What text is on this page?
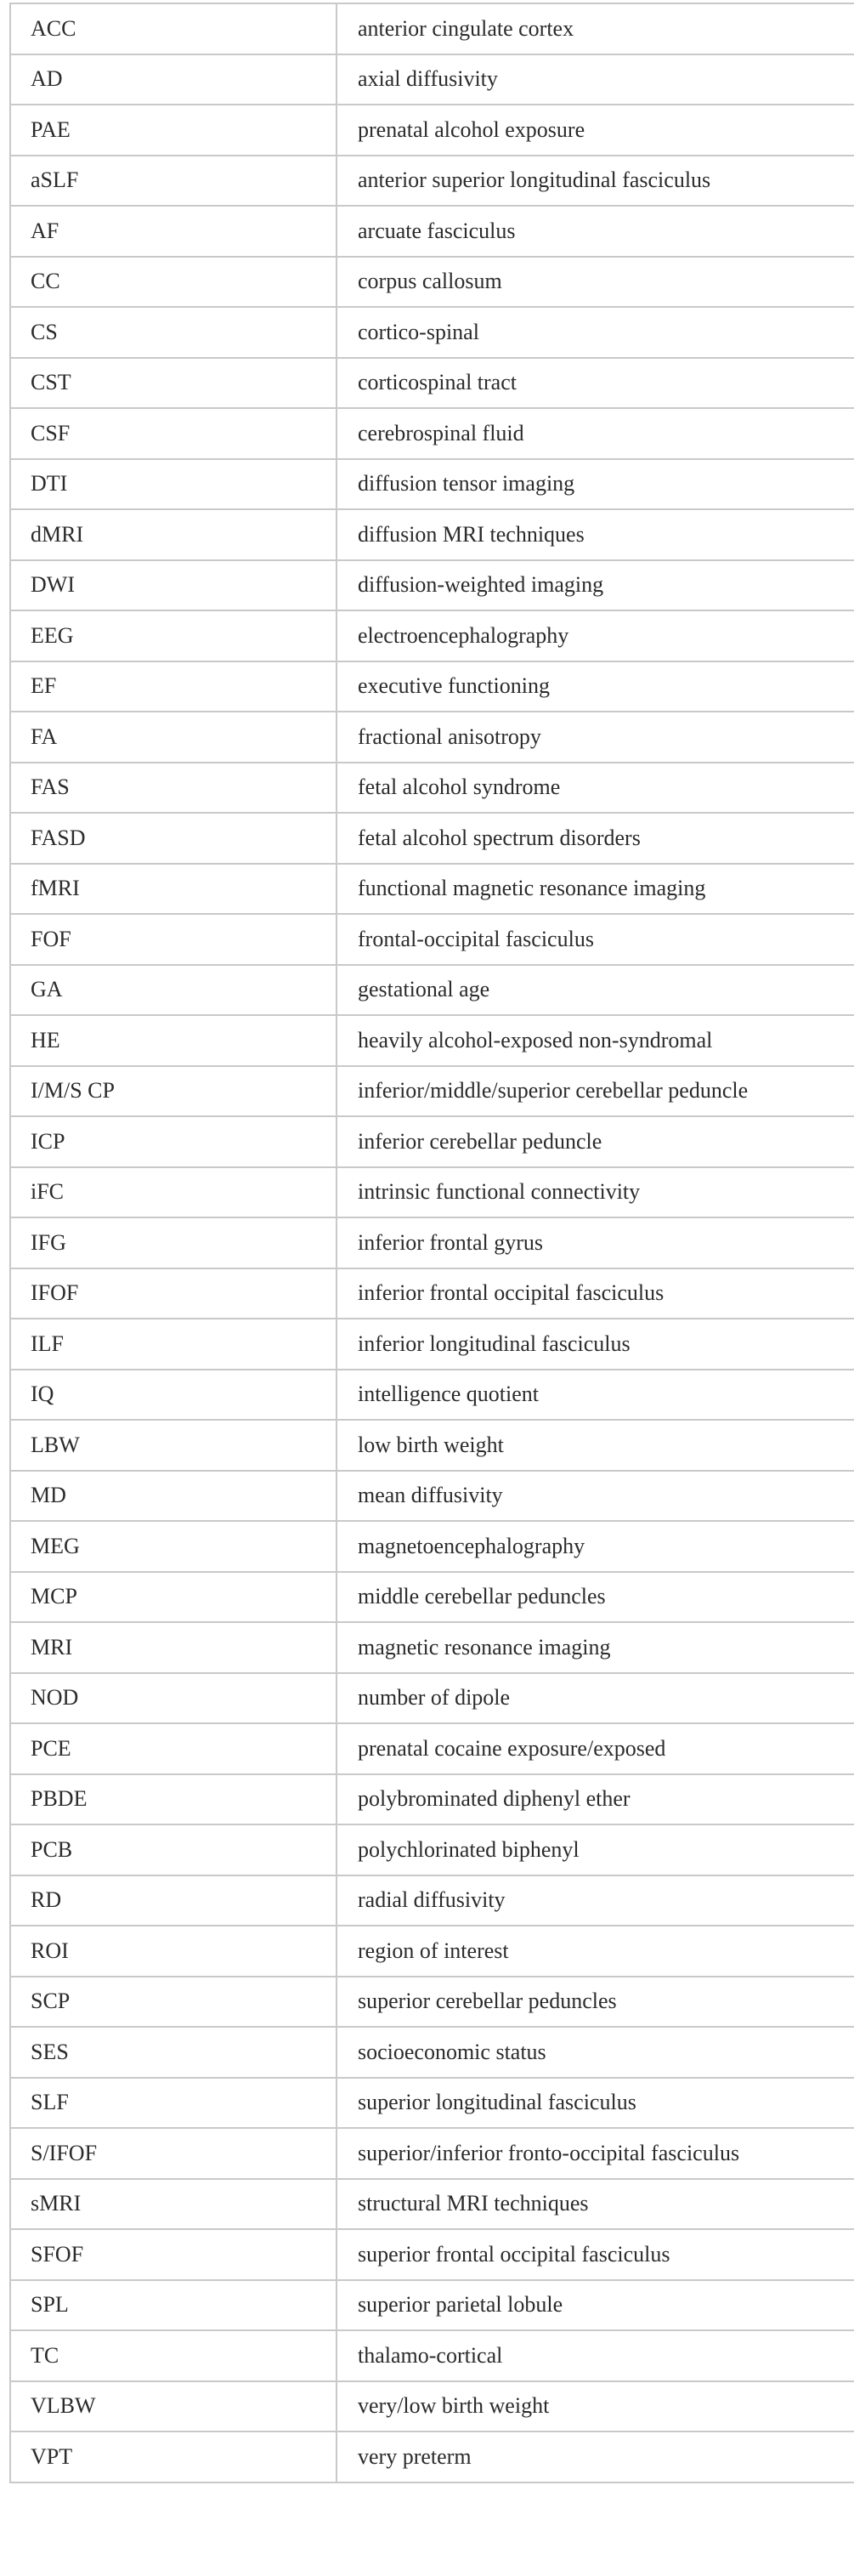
ACC	anterior cingulate cortex
AD	axial diffusivity
PAE	prenatal alcohol exposure
aSLF	anterior superior longitudinal fasciculus
AF	arcuate fasciculus
CC	corpus callosum
CS	cortico-spinal
CST	corticospinal tract
CSF	cerebrospinal fluid
DTI	diffusion tensor imaging
dMRI	diffusion MRI techniques
DWI	diffusion-weighted imaging
EEG	electroencephalography
EF	executive functioning
FA	fractional anisotropy
FAS	fetal alcohol syndrome
FASD	fetal alcohol spectrum disorders
fMRI	functional magnetic resonance imaging
FOF	frontal-occipital fasciculus
GA	gestational age
HE	heavily alcohol-exposed non-syndromal
I/M/S CP	inferior/middle/superior cerebellar peduncle
ICP	inferior cerebellar peduncle
iFC	intrinsic functional connectivity
IFG	inferior frontal gyrus
IFOF	inferior frontal occipital fasciculus
ILF	inferior longitudinal fasciculus
IQ	intelligence quotient
LBW	low birth weight
MD	mean diffusivity
MEG	magnetoencephalography
MCP	middle cerebellar peduncles
MRI	magnetic resonance imaging
NOD	number of dipole
PCE	prenatal cocaine exposure/exposed
PBDE	polybrominated diphenyl ether
PCB	polychlorinated biphenyl
RD	radial diffusivity
ROI	region of interest
SCP	superior cerebellar peduncles
SES	socioeconomic status
SLF	superior longitudinal fasciculus
S/IFOF	superior/inferior fronto-occipital fasciculus
sMRI	structural MRI techniques
SFOF	superior frontal occipital fasciculus
SPL	superior parietal lobule
TC	thalamo-cortical
VLBW	very/low birth weight
VPT	very preterm
